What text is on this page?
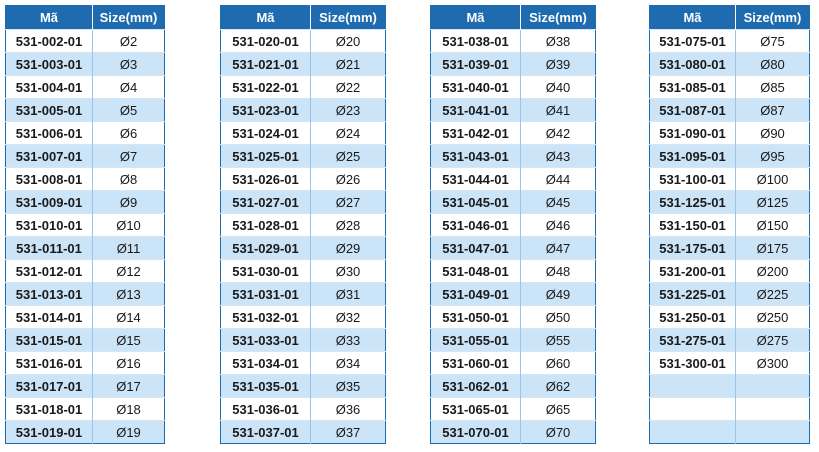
Mã	Size(mm)
531-002-01	Ø2
531-003-01	Ø3
531-004-01	Ø4
531-005-01	Ø5
531-006-01	Ø6
531-007-01	Ø7
531-008-01	Ø8
531-009-01	Ø9
531-010-01	Ø10
531-011-01	Ø11
531-012-01	Ø12
531-013-01	Ø13
531-014-01	Ø14
531-015-01	Ø15
531-016-01	Ø16
531-017-01	Ø17
531-018-01	Ø18
531-019-01	Ø19
Mã	Size(mm)
531-020-01	Ø20
531-021-01	Ø21
531-022-01	Ø22
531-023-01	Ø23
531-024-01	Ø24
531-025-01	Ø25
531-026-01	Ø26
531-027-01	Ø27
531-028-01	Ø28
531-029-01	Ø29
531-030-01	Ø30
531-031-01	Ø31
531-032-01	Ø32
531-033-01	Ø33
531-034-01	Ø34
531-035-01	Ø35
531-036-01	Ø36
531-037-01	Ø37
Mã	Size(mm)
531-038-01	Ø38
531-039-01	Ø39
531-040-01	Ø40
531-041-01	Ø41
531-042-01	Ø42
531-043-01	Ø43
531-044-01	Ø44
531-045-01	Ø45
531-046-01	Ø46
531-047-01	Ø47
531-048-01	Ø48
531-049-01	Ø49
531-050-01	Ø50
531-055-01	Ø55
531-060-01	Ø60
531-062-01	Ø62
531-065-01	Ø65
531-070-01	Ø70
Mã	Size(mm)
531-075-01	Ø75
531-080-01	Ø80
531-085-01	Ø85
531-087-01	Ø87
531-090-01	Ø90
531-095-01	Ø95
531-100-01	Ø100
531-125-01	Ø125
531-150-01	Ø150
531-175-01	Ø175
531-200-01	Ø200
531-225-01	Ø225
531-250-01	Ø250
531-275-01	Ø275
531-300-01	Ø300
